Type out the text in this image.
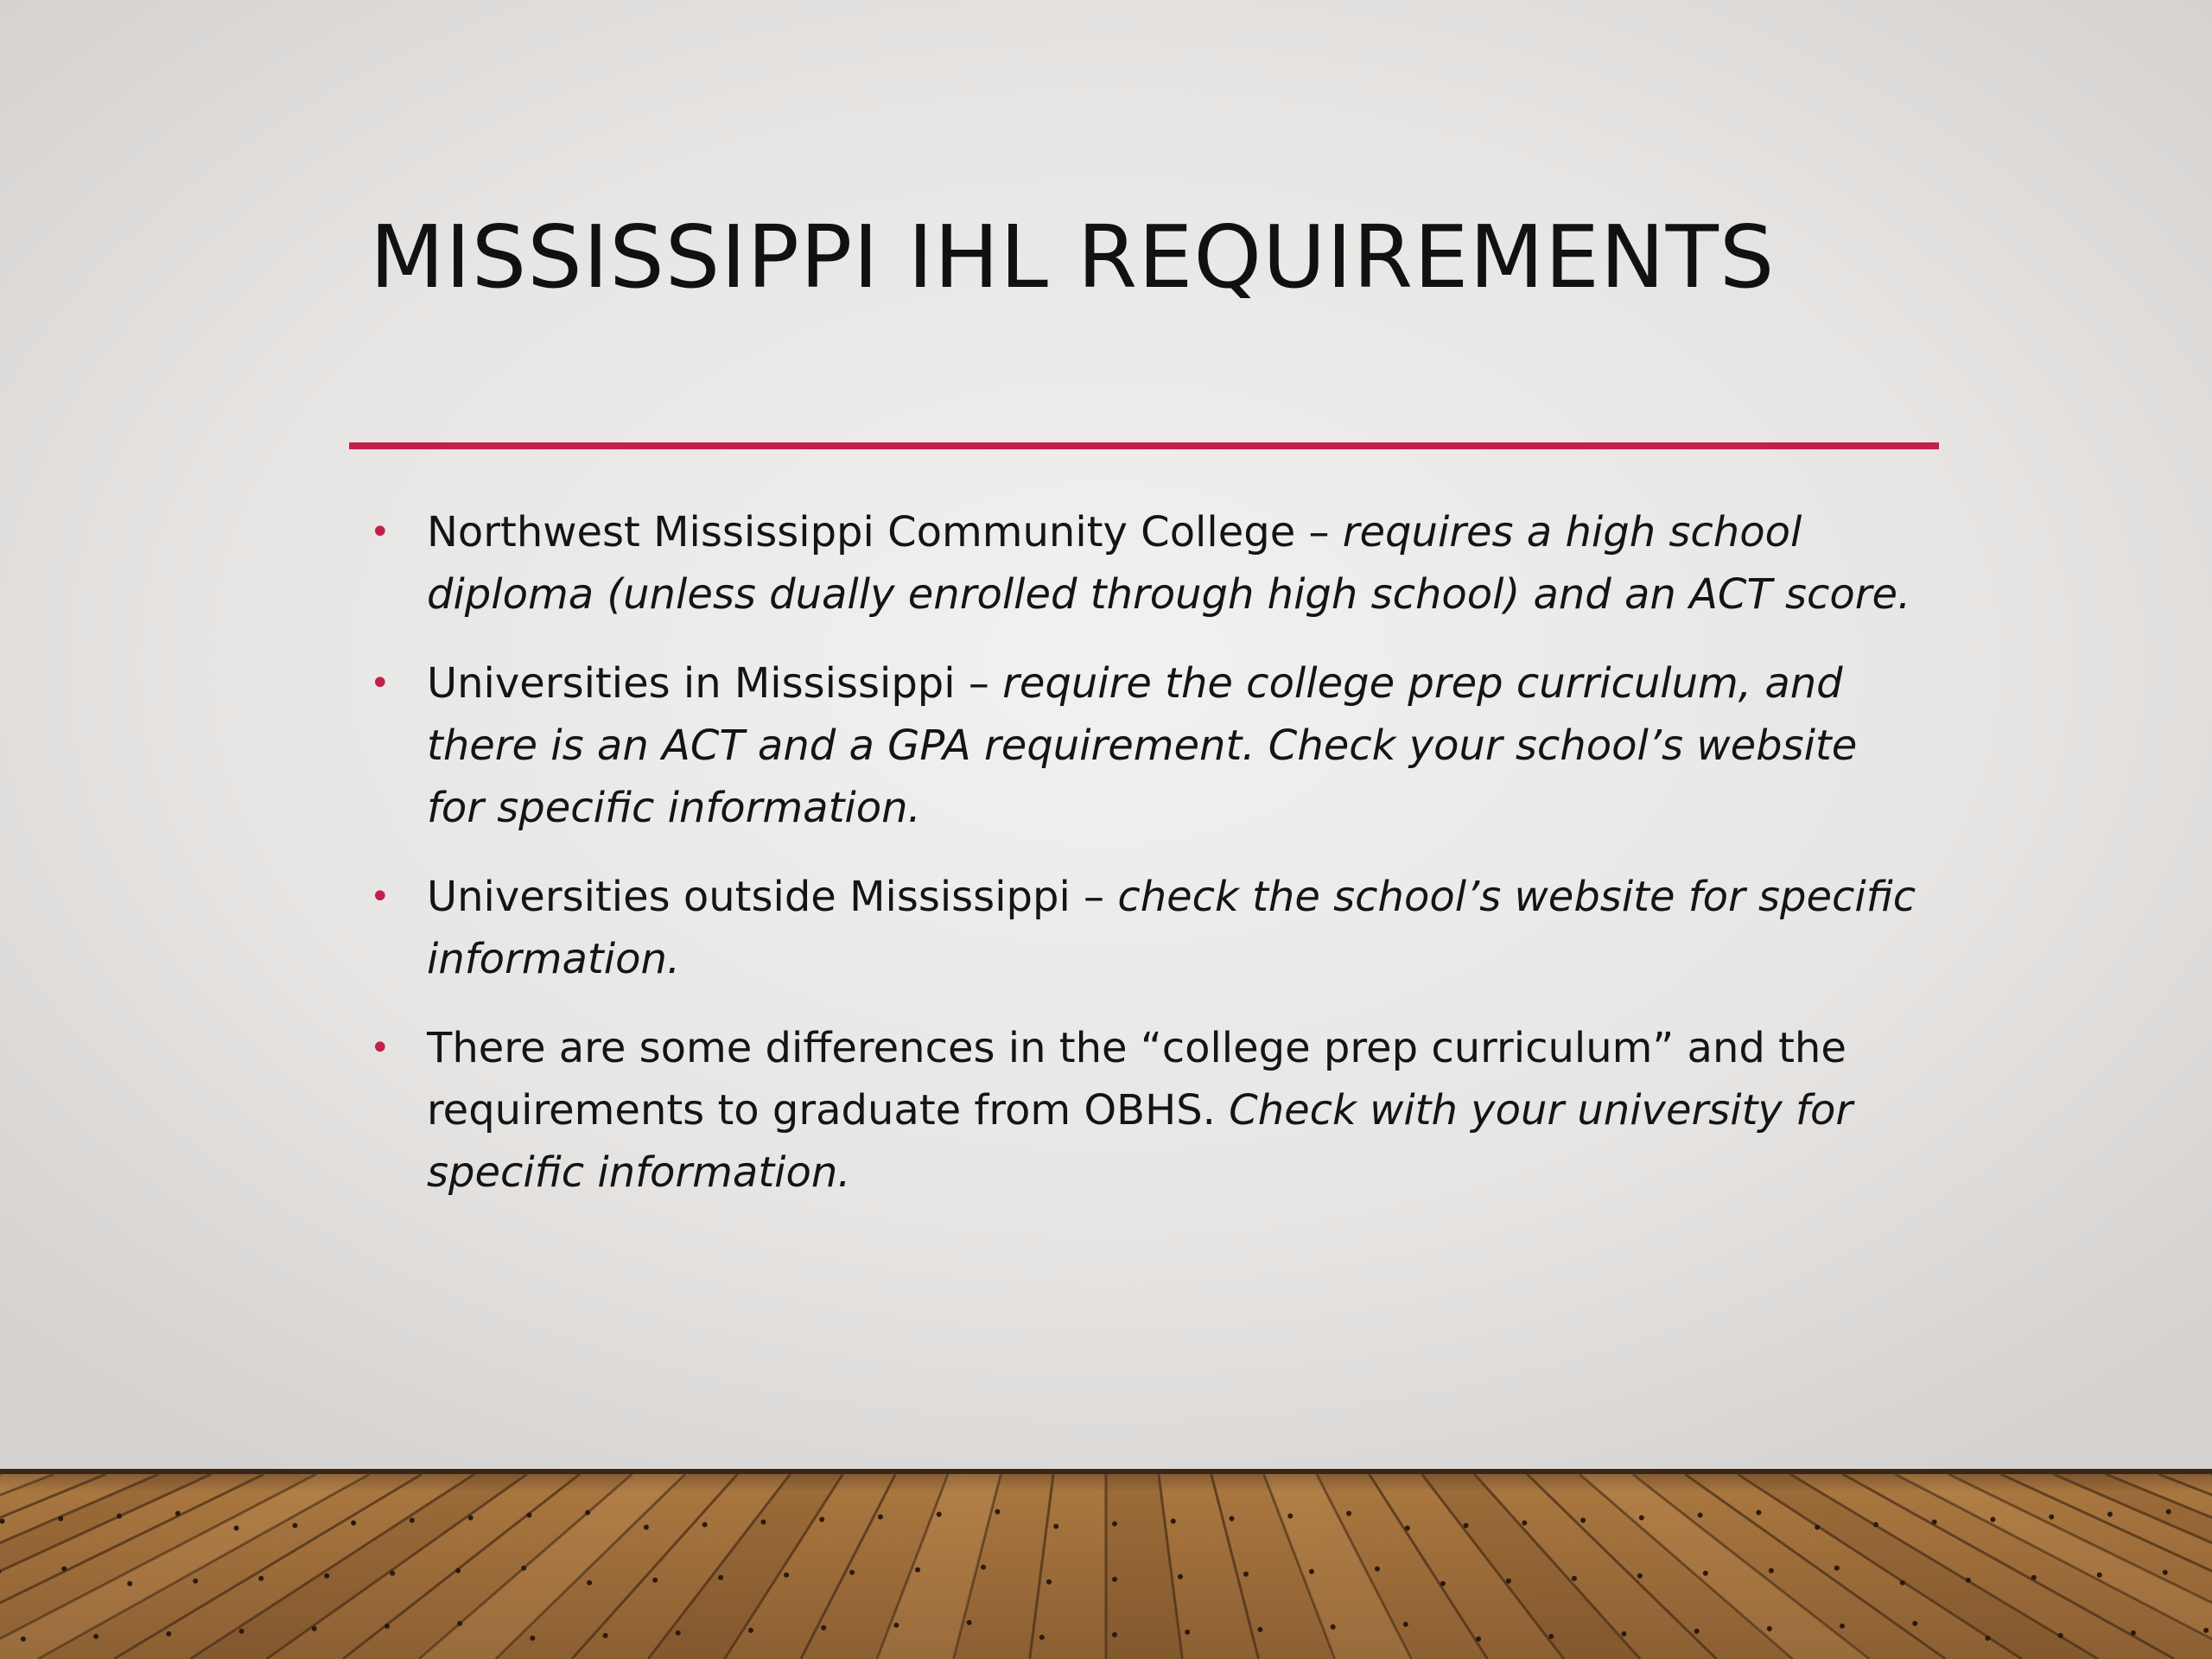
MISSISSIPPI IHL REQUIREMENTS
• Northwest Mississippi Community College – requires a high school diploma (unless dually enrolled through high school) and an ACT score.
• Universities in Mississippi – require the college prep curriculum, and there is an ACT and a GPA requirement. Check your school’s website for specific information.
• Universities outside Mississippi – check the school’s website for specific information.
• There are some differences in the “college prep curriculum” and the requirements to graduate from OBHS. Check with your university for specific information.
